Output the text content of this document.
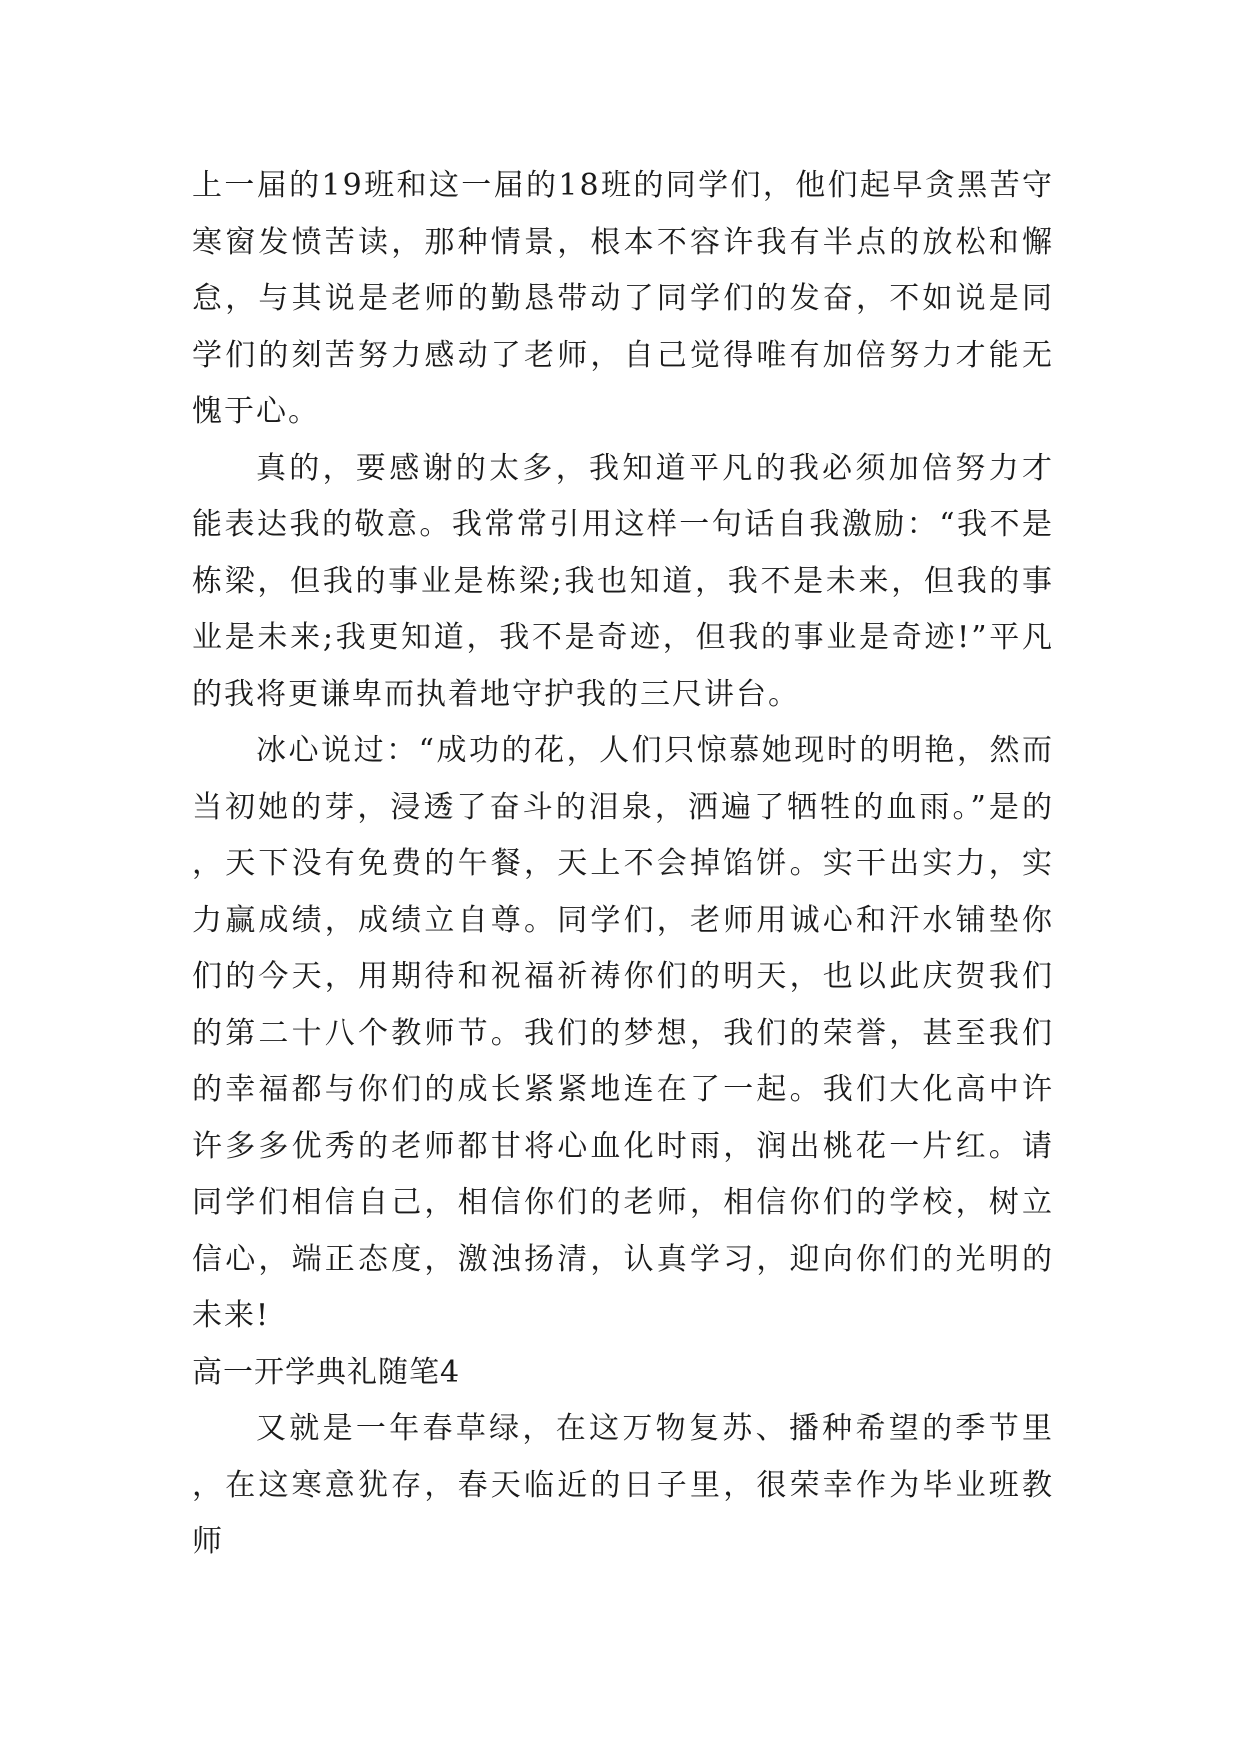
上一届的19班和这一届的18班的同学们，他们起早贪黑苦守寒窗发愤苦读，那种情景，根本不容许我有半点的放松和懈怠，与其说是老师的勤恳带动了同学们的发奋，不如说是同学们的刻苦努力感动了老师，自己觉得唯有加倍努力才能无愧于心。

真的，要感谢的太多，我知道平凡的我必须加倍努力才能表达我的敬意。我常常引用这样一句话自我激励：“我不是栋梁，但我的事业是栋梁;我也知道，我不是未来，但我的事业是未来;我更知道，我不是奇迹，但我的事业是奇迹!”平凡的我将更谦卑而执着地守护我的三尺讲台。

冰心说过：“成功的花，人们只惊慕她现时的明艳，然而当初她的芽，浸透了奋斗的泪泉，洒遍了牺牲的血雨。”是的，天下没有免费的午餐，天上不会掉馅饼。实干出实力，实力赢成绩，成绩立自尊。同学们，老师用诚心和汗水铺垫你们的今天，用期待和祝福祈祷你们的明天，也以此庆贺我们的第二十八个教师节。我们的梦想，我们的荣誉，甚至我们的幸福都与你们的成长紧紧地连在了一起。我们大化高中许许多多优秀的老师都甘将心血化时雨，润出桃花一片红。请同学们相信自己，相信你们的老师，相信你们的学校，树立信心，端正态度，激浊扬清，认真学习，迎向你们的光明的未来!

高一开学典礼随笔4

又就是一年春草绿，在这万物复苏、播种希望的季节里，在这寒意犹存，春天临近的日子里，很荣幸作为毕业班教师
